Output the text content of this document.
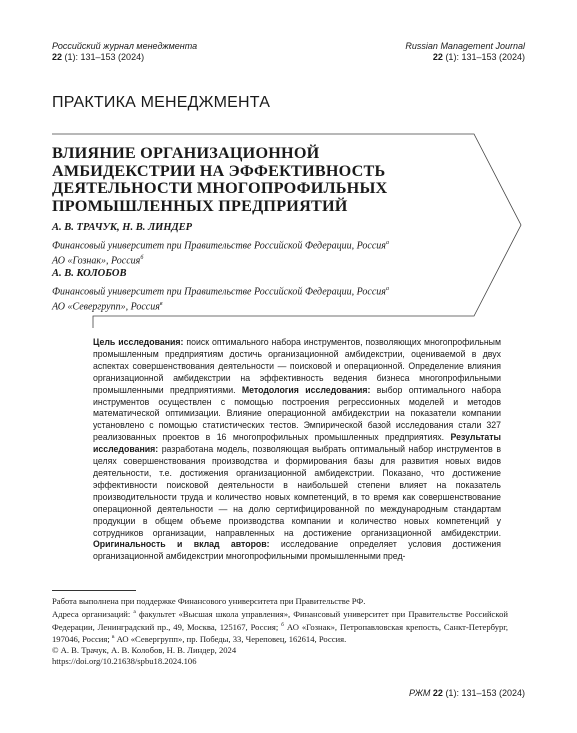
Российский журнал менеджмента
22 (1): 131–153 (2024)
Russian Management Journal
22 (1): 131–153 (2024)
ПРАКТИКА МЕНЕДЖМЕНТА
ВЛИЯНИЕ ОРГАНИЗАЦИОННОЙ
АМБИДЕКСТРИИ НА ЭФФЕКТИВНОСТЬ
ДЕЯТЕЛЬНОСТИ МНОГОПРОФИЛЬНЫХ
ПРОМЫШЛЕННЫХ ПРЕДПРИЯТИЙ
А. В. ТРАЧУК, Н. В. ЛИНДЕР
Финансовый университет при Правительстве Российской Федерации, Россия$^a$
АО «Гознак», Россия$^б$
А. В. КОЛОБОВ
Финансовый университет при Правительстве Российской Федерации, Россия$^a$
АО «Севергрупп», Россия$^в$
Цель исследования: поиск оптимального набора инструментов, позволяющих многопрофильным промышленным предприятиям достичь организационной амбидекстрии, оцениваемой в двух аспектах совершенствования деятельности — поисковой и операционной. Определение влияния организационной амбидекстрии на эффективность ведения бизнеса многопрофильными промышленными предприятиями. Методология исследования: выбор оптимального набора инструментов осуществлен с помощью построения регрессионных моделей и методов математической оптимизации. Влияние операционной амбидекстрии на показатели компании установлено с помощью статистических тестов. Эмпирической базой исследования стали 327 реализованных проектов в 16 многопрофильных промышленных предприятиях. Результаты исследования: разработана модель, позволяющая выбрать оптимальный набор инструментов в целях совершенствования производства и формирования базы для развития новых видов деятельности, т.е. достижения организационной амбидекстрии. Показано, что достижение эффективности поисковой деятельности в наибольшей степени влияет на показатель производительности труда и количество новых компетенций, в то время как совершенствование операционной деятельности — на долю сертифицированной по международным стандартам продукции в общем объеме производства компании и количество новых компетенций у сотрудников организации, направленных на достижение организационной амбидекстрии. Оригинальность и вклад авторов: исследование определяет условия достижения организационной амбидекстрии многопрофильными промышленными пред-
Работа выполнена при поддержке Финансового университета при Правительстве РФ.
Адреса организаций: $^a$ факультет «Высшая школа управления», Финансовый университет при Правительстве Российской Федерации, Ленинградский пр., 49, Москва, 125167, Россия; $^б$ АО «Гознак», Петропавловская крепость, Санкт-Петербург, 197046, Россия; $^в$ АО «Севергрупп», пр. Победы, 33, Череповец, 162614, Россия.
© А. В. Трачук, А. В. Колобов, Н. В. Линдер, 2024
https://doi.org/10.21638/spbu18.2024.106
РЖМ 22 (1): 131–153 (2024)
